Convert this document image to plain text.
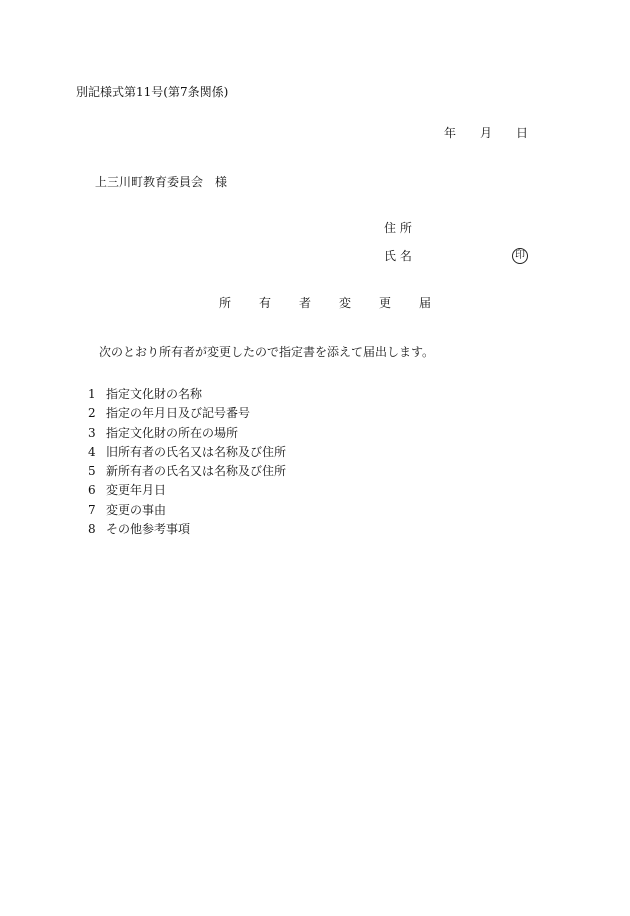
別記様式第11号(第7条関係)
年	月	日
上三川町教育委員会 様
住 所
氏 名	印
所	有	者	変	更	届
次のとおり所有者が変更したので指定書を添えて届出します。
1 指定文化財の名称
2 指定の年月日及び記号番号
3 指定文化財の所在の場所
4 旧所有者の氏名又は名称及び住所
5 新所有者の氏名又は名称及び住所
6 変更年月日
7 変更の事由
8 その他参考事項
